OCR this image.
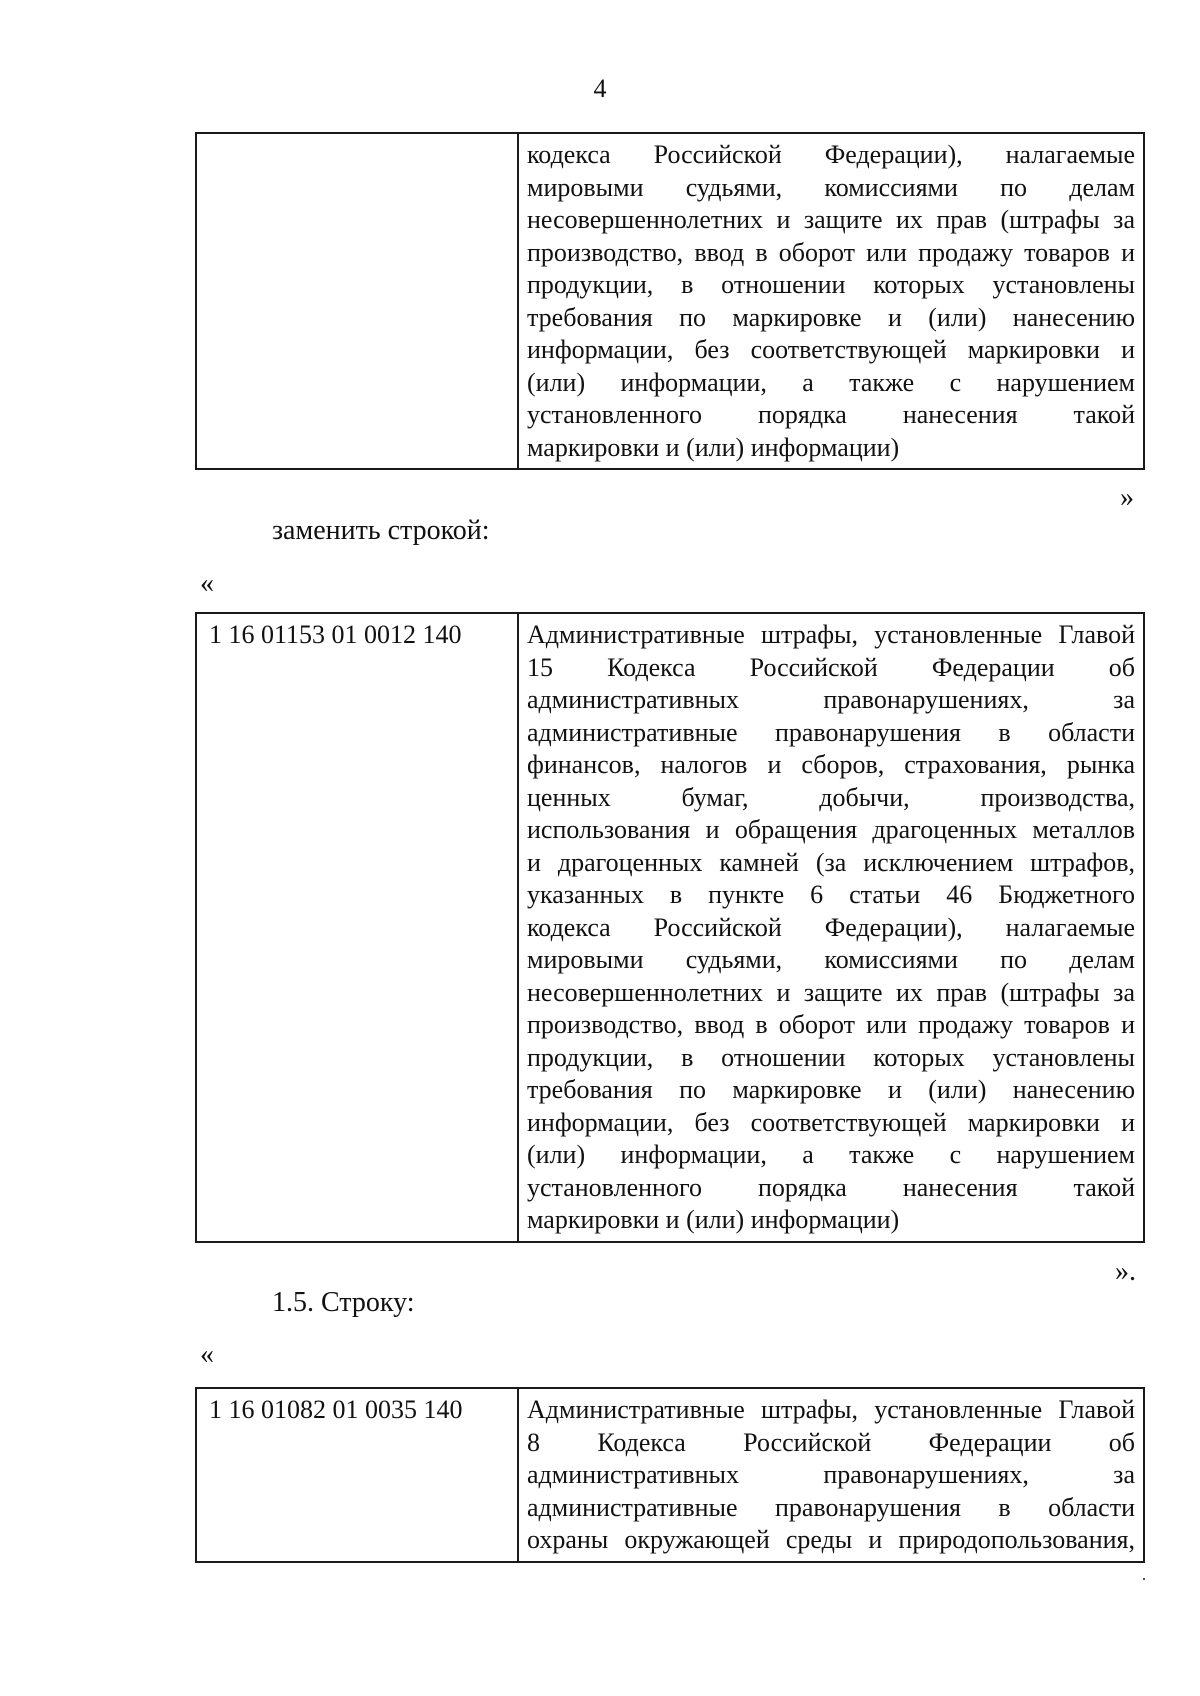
4

кодекса Российской Федерации), налагаемые
мировыми судьями, комиссиями по делам
несовершеннолетних и защите их прав (штрафы за
производство, ввод в оборот или продажу товаров и
продукции, в отношении которых установлены
требования по маркировке и (или) нанесению
информации, без соответствующей маркировки и
(или) информации, а также с нарушением
установленного порядка нанесения такой
маркировки и (или) информации)
»
заменить строкой:
«
1 16 01153 01 0012 140	Административные штрафы, установленные Главой
15 Кодекса Российской Федерации об
административных правонарушениях, за
административные правонарушения в области
финансов, налогов и сборов, страхования, рынка
ценных бумаг, добычи, производства,
использования и обращения драгоценных металлов
и драгоценных камней (за исключением штрафов,
указанных в пункте 6 статьи 46 Бюджетного
кодекса Российской Федерации), налагаемые
мировыми судьями, комиссиями по делам
несовершеннолетних и защите их прав (штрафы за
производство, ввод в оборот или продажу товаров и
продукции, в отношении которых установлены
требования по маркировке и (или) нанесению
информации, без соответствующей маркировки и
(или) информации, а также с нарушением
установленного порядка нанесения такой
маркировки и (или) информации)
».
1.5. Строку:
«
1 16 01082 01 0035 140	Административные штрафы, установленные Главой
8 Кодекса Российской Федерации об
административных правонарушениях, за
административные правонарушения в области
охраны окружающей среды и природопользования,
